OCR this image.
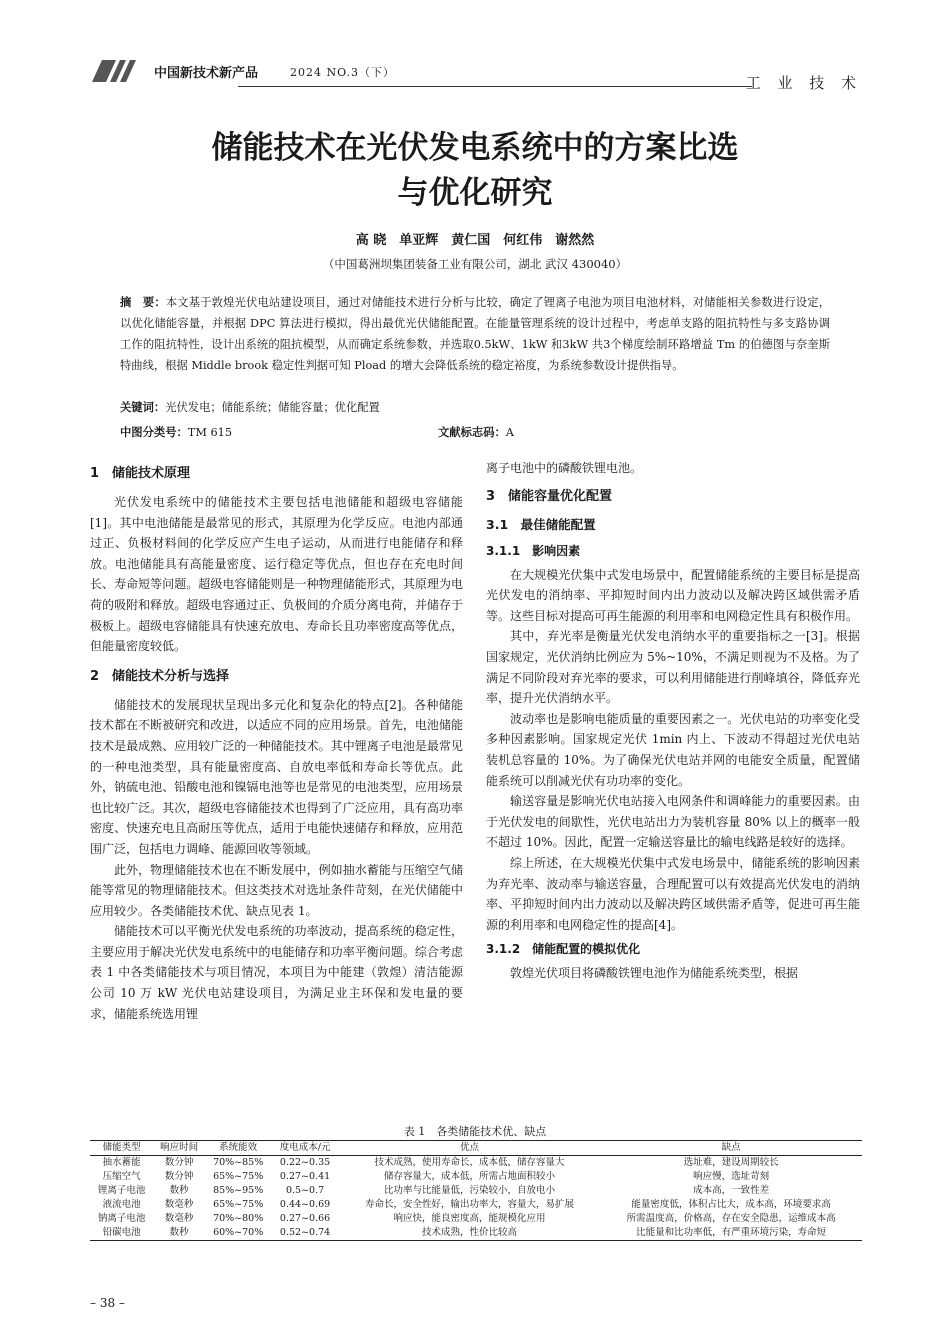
中国新技术新产品	2024 NO.3（下）
工 业 技 术
储能技术在光伏发电系统中的方案比选
与优化研究
高 晓　单亚辉　黄仁国　何红伟　谢然然
（中国葛洲坝集团装备工业有限公司，湖北 武汉 430040）
摘　要：本文基于敦煌光伏电站建设项目，通过对储能技术进行分析与比较，确定了锂离子电池为项目电池材料，对储能相关参数进行设定，以优化储能容量，并根据 DPC 算法进行模拟，得出最优光伏储能配置。在能量管理系统的设计过程中，考虑单支路的阻抗特性与多支路协调工作的阻抗特性，设计出系统的阻抗模型，从而确定系统参数，并选取0.5kW、1kW 和3kW 共3个梯度绘制环路增益 Tm 的伯德图与奈奎斯特曲线，根据 Middle brook 稳定性判据可知 Pload 的增大会降低系统的稳定裕度，为系统参数设计提供指导。
关键词：光伏发电；储能系统；储能容量；优化配置
中图分类号：TM 615	文献标志码：A
1　储能技术原理

光伏发电系统中的储能技术主要包括电池储能和超级电容储能[1]。其中电池储能是最常见的形式，其原理为化学反应。电池内部通过正、负极材料间的化学反应产生电子运动，从而进行电能储存和释放。电池储能具有高能量密度、运行稳定等优点，但也存在充电时间长、寿命短等问题。超级电容储能则是一种物理储能形式，其原理为电荷的吸附和释放。超级电容通过正、负极间的介质分离电荷，并储存于极板上。超级电容储能具有快速充放电、寿命长且功率密度高等优点，但能量密度较低。

2　储能技术分析与选择

储能技术的发展现状呈现出多元化和复杂化的特点[2]。各种储能技术都在不断被研究和改进，以适应不同的应用场景。首先，电池储能技术是最成熟、应用较广泛的一种储能技术。其中锂离子电池是最常见的一种电池类型，具有能量密度高、自放电率低和寿命长等优点。此外，钠硫电池、铅酸电池和镍镉电池等也是常见的电池类型，应用场景也比较广泛。其次，超级电容储能技术也得到了广泛应用，具有高功率密度、快速充电且高耐压等优点，适用于电能快速储存和释放，应用范围广泛，包括电力调峰、能源回收等领域。

此外，物理储能技术也在不断发展中，例如抽水蓄能与压缩空气储能等常见的物理储能技术。但这类技术对选址条件苛刻，在光伏储能中应用较少。各类储能技术优、缺点见表 1。

储能技术可以平衡光伏发电系统的功率波动，提高系统的稳定性，主要应用于解决光伏发电系统中的电能储存和功率平衡问题。综合考虑表 1 中各类储能技术与项目情况，本项目为中能建（敦煌）清洁能源公司 10 万 kW 光伏电站建设项目，为满足业主环保和发电量的要求，储能系统选用锂

离子电池中的磷酸铁锂电池。

3　储能容量优化配置
3.1　最佳储能配置
3.1.1　影响因素

在大规模光伏集中式发电场景中，配置储能系统的主要目标是提高光伏发电的消纳率、平抑短时间内出力波动以及解决跨区域供需矛盾等。这些目标对提高可再生能源的利用率和电网稳定性具有积极作用。

其中，弃光率是衡量光伏发电消纳水平的重要指标之一[3]。根据国家规定，光伏消纳比例应为 5%~10%，不满足则视为不及格。为了满足不同阶段对弃光率的要求，可以利用储能进行削峰填谷，降低弃光率，提升光伏消纳水平。

波动率也是影响电能质量的重要因素之一。光伏电站的功率变化受多种因素影响。国家规定光伏 1min 内上、下波动不得超过光伏电站装机总容量的 10%。为了确保光伏电站并网的电能安全质量，配置储能系统可以削减光伏有功功率的变化。

输送容量是影响光伏电站接入电网条件和调峰能力的重要因素。由于光伏发电的间歇性，光伏电站出力为装机容量 80% 以上的概率一般不超过 10%。因此，配置一定输送容量比的输电线路是较好的选择。

综上所述，在大规模光伏集中式发电场景中，储能系统的影响因素为弃光率、波动率与输送容量，合理配置可以有效提高光伏发电的消纳率、平抑短时间内出力波动以及解决跨区域供需矛盾等，促进可再生能源的利用率和电网稳定性的提高[4]。

3.1.2　储能配置的模拟优化

敦煌光伏项目将磷酸铁锂电池作为储能系统类型，根据

表 1　各类储能技术优、缺点
储能类型	响应时间	系统能效	度电成本/元	优点	缺点
抽水蓄能	数分钟	70%~85%	0.22~0.35	技术成熟，使用寿命长，成本低，储存容量大	选址难，建设周期较长
压缩空气	数分钟	65%~75%	0.27~0.41	储存容量大，成本低，所需占地面积较小	响应慢，选址苛刻
锂离子电池	数秒	85%~95%	0.5~0.7	比功率与比能量低，污染较小，自放电小	成本高，一致性差
液流电池	数毫秒	65%~75%	0.44~0.69	寿命长，安全性好，输出功率大，容量大，易扩展	能量密度低，体积占比大，成本高，环境要求高
钠离子电池	数毫秒	70%~80%	0.27~0.66	响应快，能良密度高，能规模化应用	所需温度高，价格高，存在安全隐患，运维成本高
铅碳电池	数秒	60%~70%	0.52~0.74	技术成熟，性价比较高	比能量和比功率低，有严重环境污染，寿命短
– 38 –
